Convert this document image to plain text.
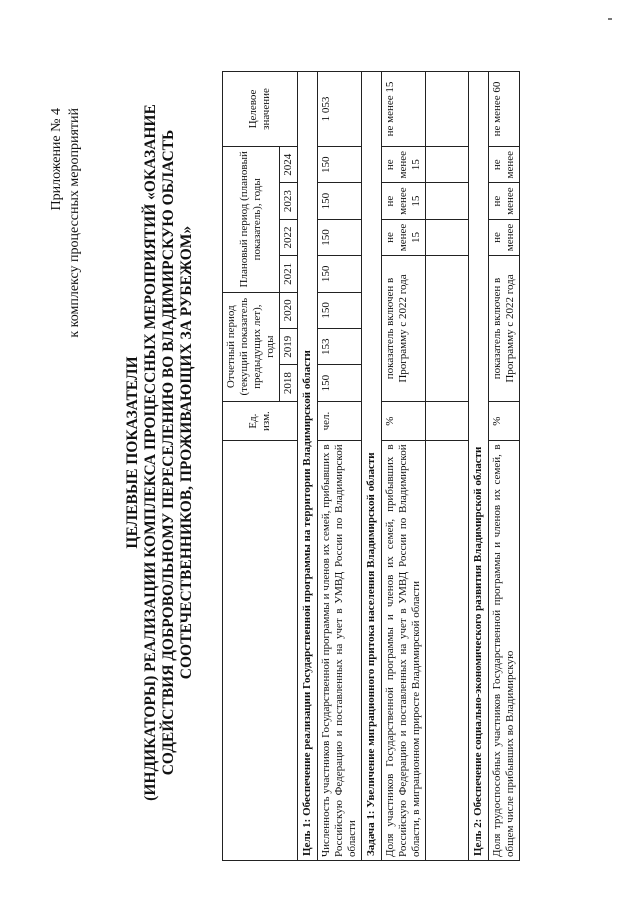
Приложение № 4 к комплексу процессных мероприятий
ЦЕЛЕВЫЕ ПОКАЗАТЕЛИ (ИНДИКАТОРЫ) РЕАЛИЗАЦИИ КОМПЛЕКСА ПРОЦЕССНЫХ МЕРОПРИЯТИЙ «ОКАЗАНИЕ СОДЕЙСТВИЯ ДОБРОВОЛЬНОМУ ПЕРЕСЕЛЕНИЮ ВО ВЛАДИМИРСКУЮ ОБЛАСТЬ СООТЕЧЕСТВЕННИКОВ, ПРОЖИВАЮЩИХ ЗА РУБЕЖОМ»
		Ед. изм.	Отчетный период (текущий показатель предыдущих лет), годы			Плановый период (плановый показатель), годы				Целевое значение
		2018	2019	2020	2021	2022	2023	2024	
Цель 1: Обеспечение реализации Государственной программы на территории Владимирской области									
Численность участников Государственной программы и членов их семей, прибывших в Российскую Федерацию и поставленных на учет в УМВД России по Владимирской области	чел.	150	153	150	150	150	150	150	1 053
Задача 1: Увеличение миграционного притока населения Владимирской области									
Доля участников Государственной программы и членов их семей, прибывших в Российскую Федерацию и поставленных на учет в УМВД России по Владимирской области, в миграционном приросте Владимирской области	%	показатель включен в Программу с 2022 года				не менее 15	не менее 15	не менее 15	не менее 15

Цель 2: Обеспечение социально-экономического развития Владимирской области									
Доля трудоспособных участников Государственной программы и членов их семей, в общем числе прибывших во Владимирскую	%	показатель включен в Программу с 2022 года				не менее	не менее	не менее	не менее 60
